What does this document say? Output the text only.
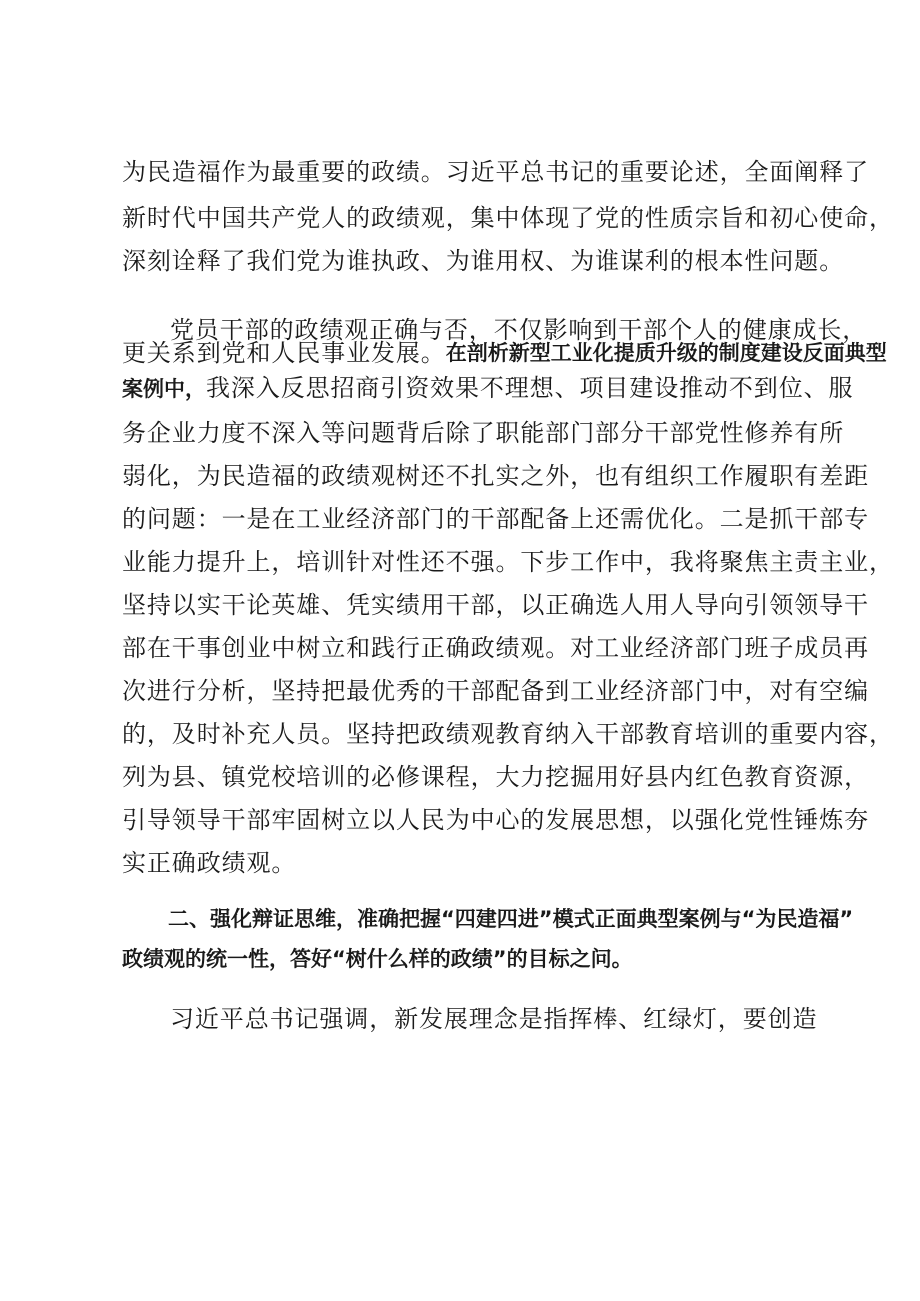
为民造福作为最重要的政绩。习近平总书记的重要论述，全面阐释了
新时代中国共产党人的政绩观，集中体现了党的性质宗旨和初心使命，
深刻诠释了我们党为谁执政、为谁用权、为谁谋利的根本性问题。
党员干部的政绩观正确与否，不仅影响到干部个人的健康成长，
更关系到党和人民事业发展。在剖析新型工业化提质升级的制度建设反面典型
案例中，我深入反思招商引资效果不理想、项目建设推动不到位、服
务企业力度不深入等问题背后除了职能部门部分干部党性修养有所
弱化，为民造福的政绩观树还不扎实之外，也有组织工作履职有差距
的问题：一是在工业经济部门的干部配备上还需优化。二是抓干部专
业能力提升上，培训针对性还不强。下步工作中，我将聚焦主责主业，
坚持以实干论英雄、凭实绩用干部，以正确选人用人导向引领领导干
部在干事创业中树立和践行正确政绩观。对工业经济部门班子成员再
次进行分析，坚持把最优秀的干部配备到工业经济部门中，对有空编
的，及时补充人员。坚持把政绩观教育纳入干部教育培训的重要内容，
列为县、镇党校培训的必修课程，大力挖掘用好县内红色教育资源，
引导领导干部牢固树立以人民为中心的发展思想，以强化党性锤炼夯
实正确政绩观。
二、强化辩证思维，准确把握“四建四进”模式正面典型案例与“为民造福”
政绩观的统一性，答好“树什么样的政绩”的目标之问。
习近平总书记强调，新发展理念是指挥棒、红绿灯，要创造
